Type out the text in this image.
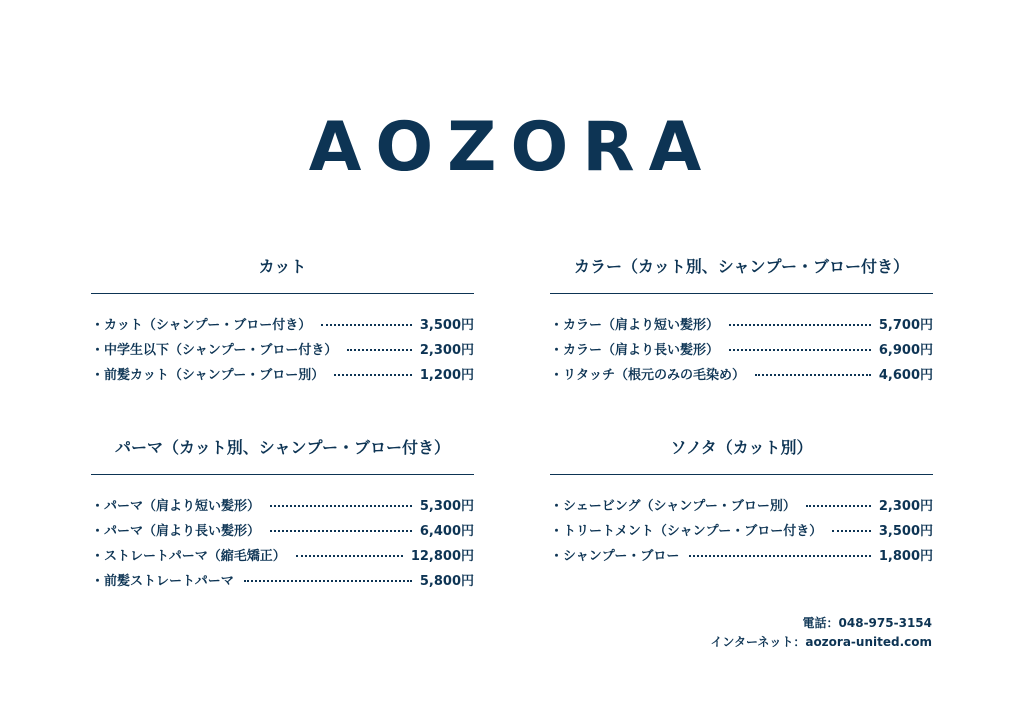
AOZORA
カット
・カット（シャンプー・ブロー付き）	3,500円
・中学生以下（シャンプー・ブロー付き）	2,300円
・前髪カット（シャンプー・ブロー別）	1,200円
カラー（カット別、シャンプー・ブロー付き）
・カラー（肩より短い髪形）	5,700円
・カラー（肩より長い髪形）	6,900円
・リタッチ（根元のみの毛染め）	4,600円
パーマ（カット別、シャンプー・ブロー付き）
・パーマ（肩より短い髪形）	5,300円
・パーマ（肩より長い髪形）	6,400円
・ストレートパーマ（縮毛矯正）	12,800円
・前髪ストレートパーマ	5,800円
ソノタ（カット別）
・シェービング（シャンプー・ブロー別）	2,300円
・トリートメント（シャンプー・ブロー付き）	3,500円
・シャンプー・ブロー	1,800円
電話：048-975-3154
インターネット：aozora-united.com
